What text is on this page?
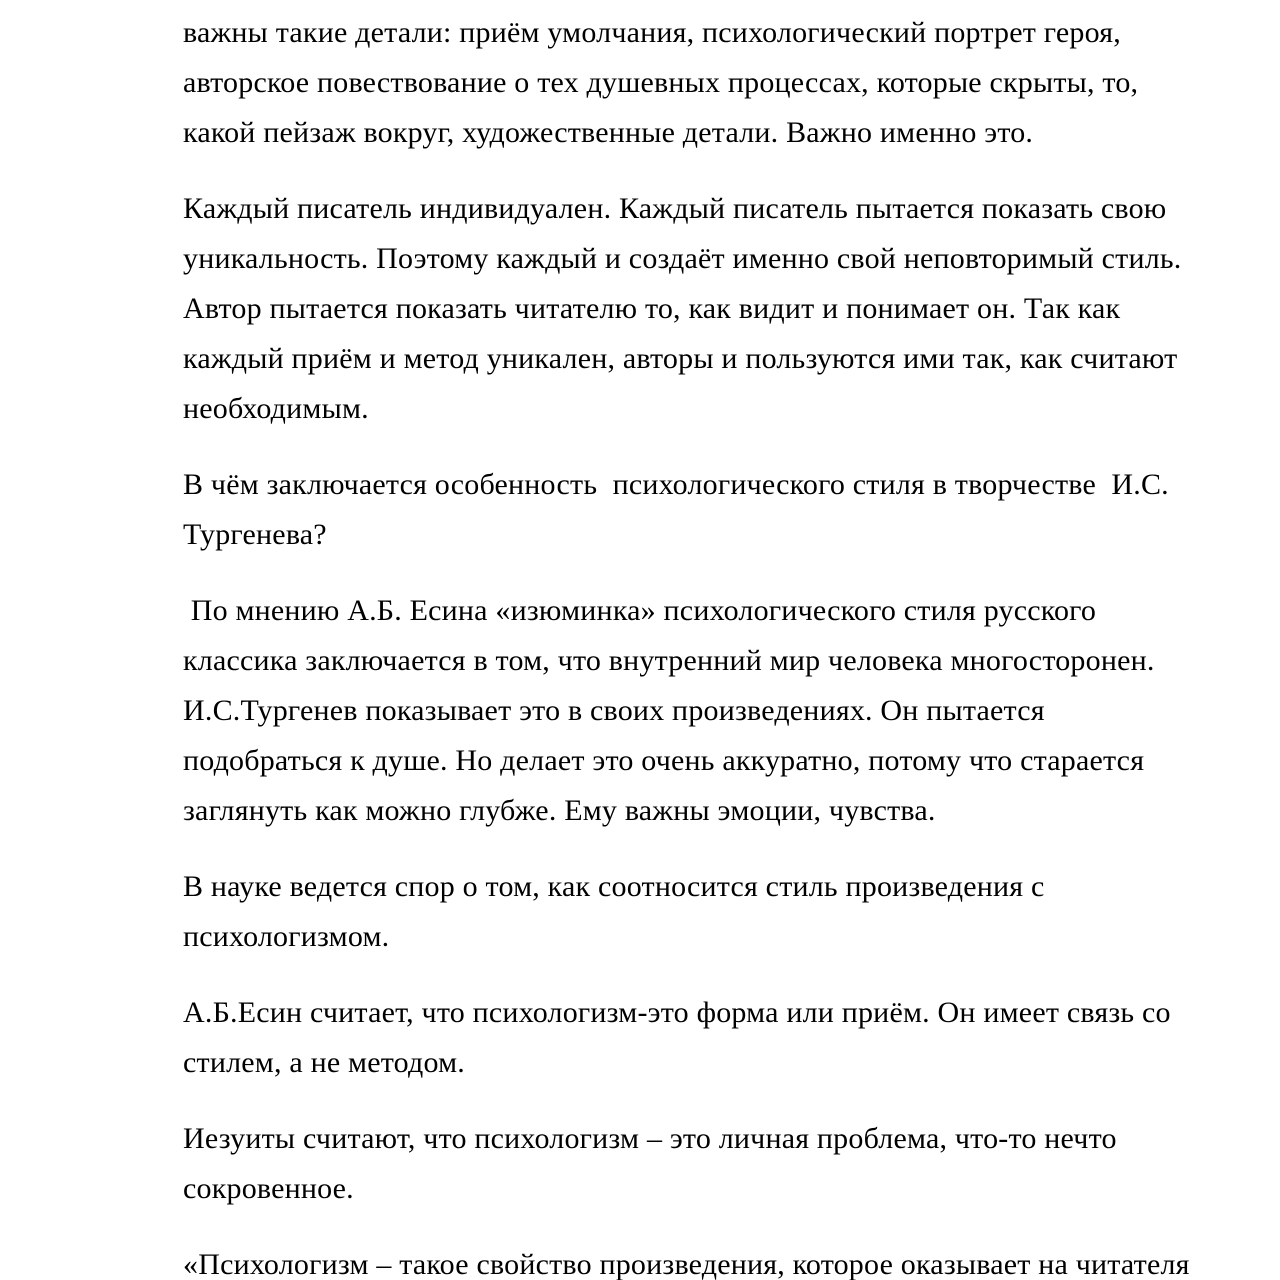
важны такие детали: приём умолчания, психологический портрет героя,
авторское повествование о тех душевных процессах, которые скрыты, то,
какой пейзаж вокруг, художественные детали. Важно именно это.

Каждый писатель индивидуален. Каждый писатель пытается показать свою
уникальность. Поэтому каждый и создаёт именно свой неповторимый стиль.
Автор пытается показать читателю то, как видит и понимает он. Так как
каждый приём и метод уникален, авторы и пользуются ими так, как считают
необходимым.

В чём заключается особенность  психологического стиля в творчестве  И.С.
Тургенева?

По мнению А.Б. Есина «изюминка» психологического стиля русского
классика заключается в том, что внутренний мир человека многосторонен.
И.С.Тургенев показывает это в своих произведениях. Он пытается
подобраться к душе. Но делает это очень аккуратно, потому что старается
заглянуть как можно глубже. Ему важны эмоции, чувства.

В науке ведется спор о том, как соотносится стиль произведения с
психологизмом.

А.Б.Есин считает, что психологизм-это форма или приём. Он имеет связь со
стилем, а не методом.

Иезуиты считают, что психологизм – это личная проблема, что-то нечто
сокровенное.

«Психологизм – такое свойство произведения, которое оказывает на читателя
